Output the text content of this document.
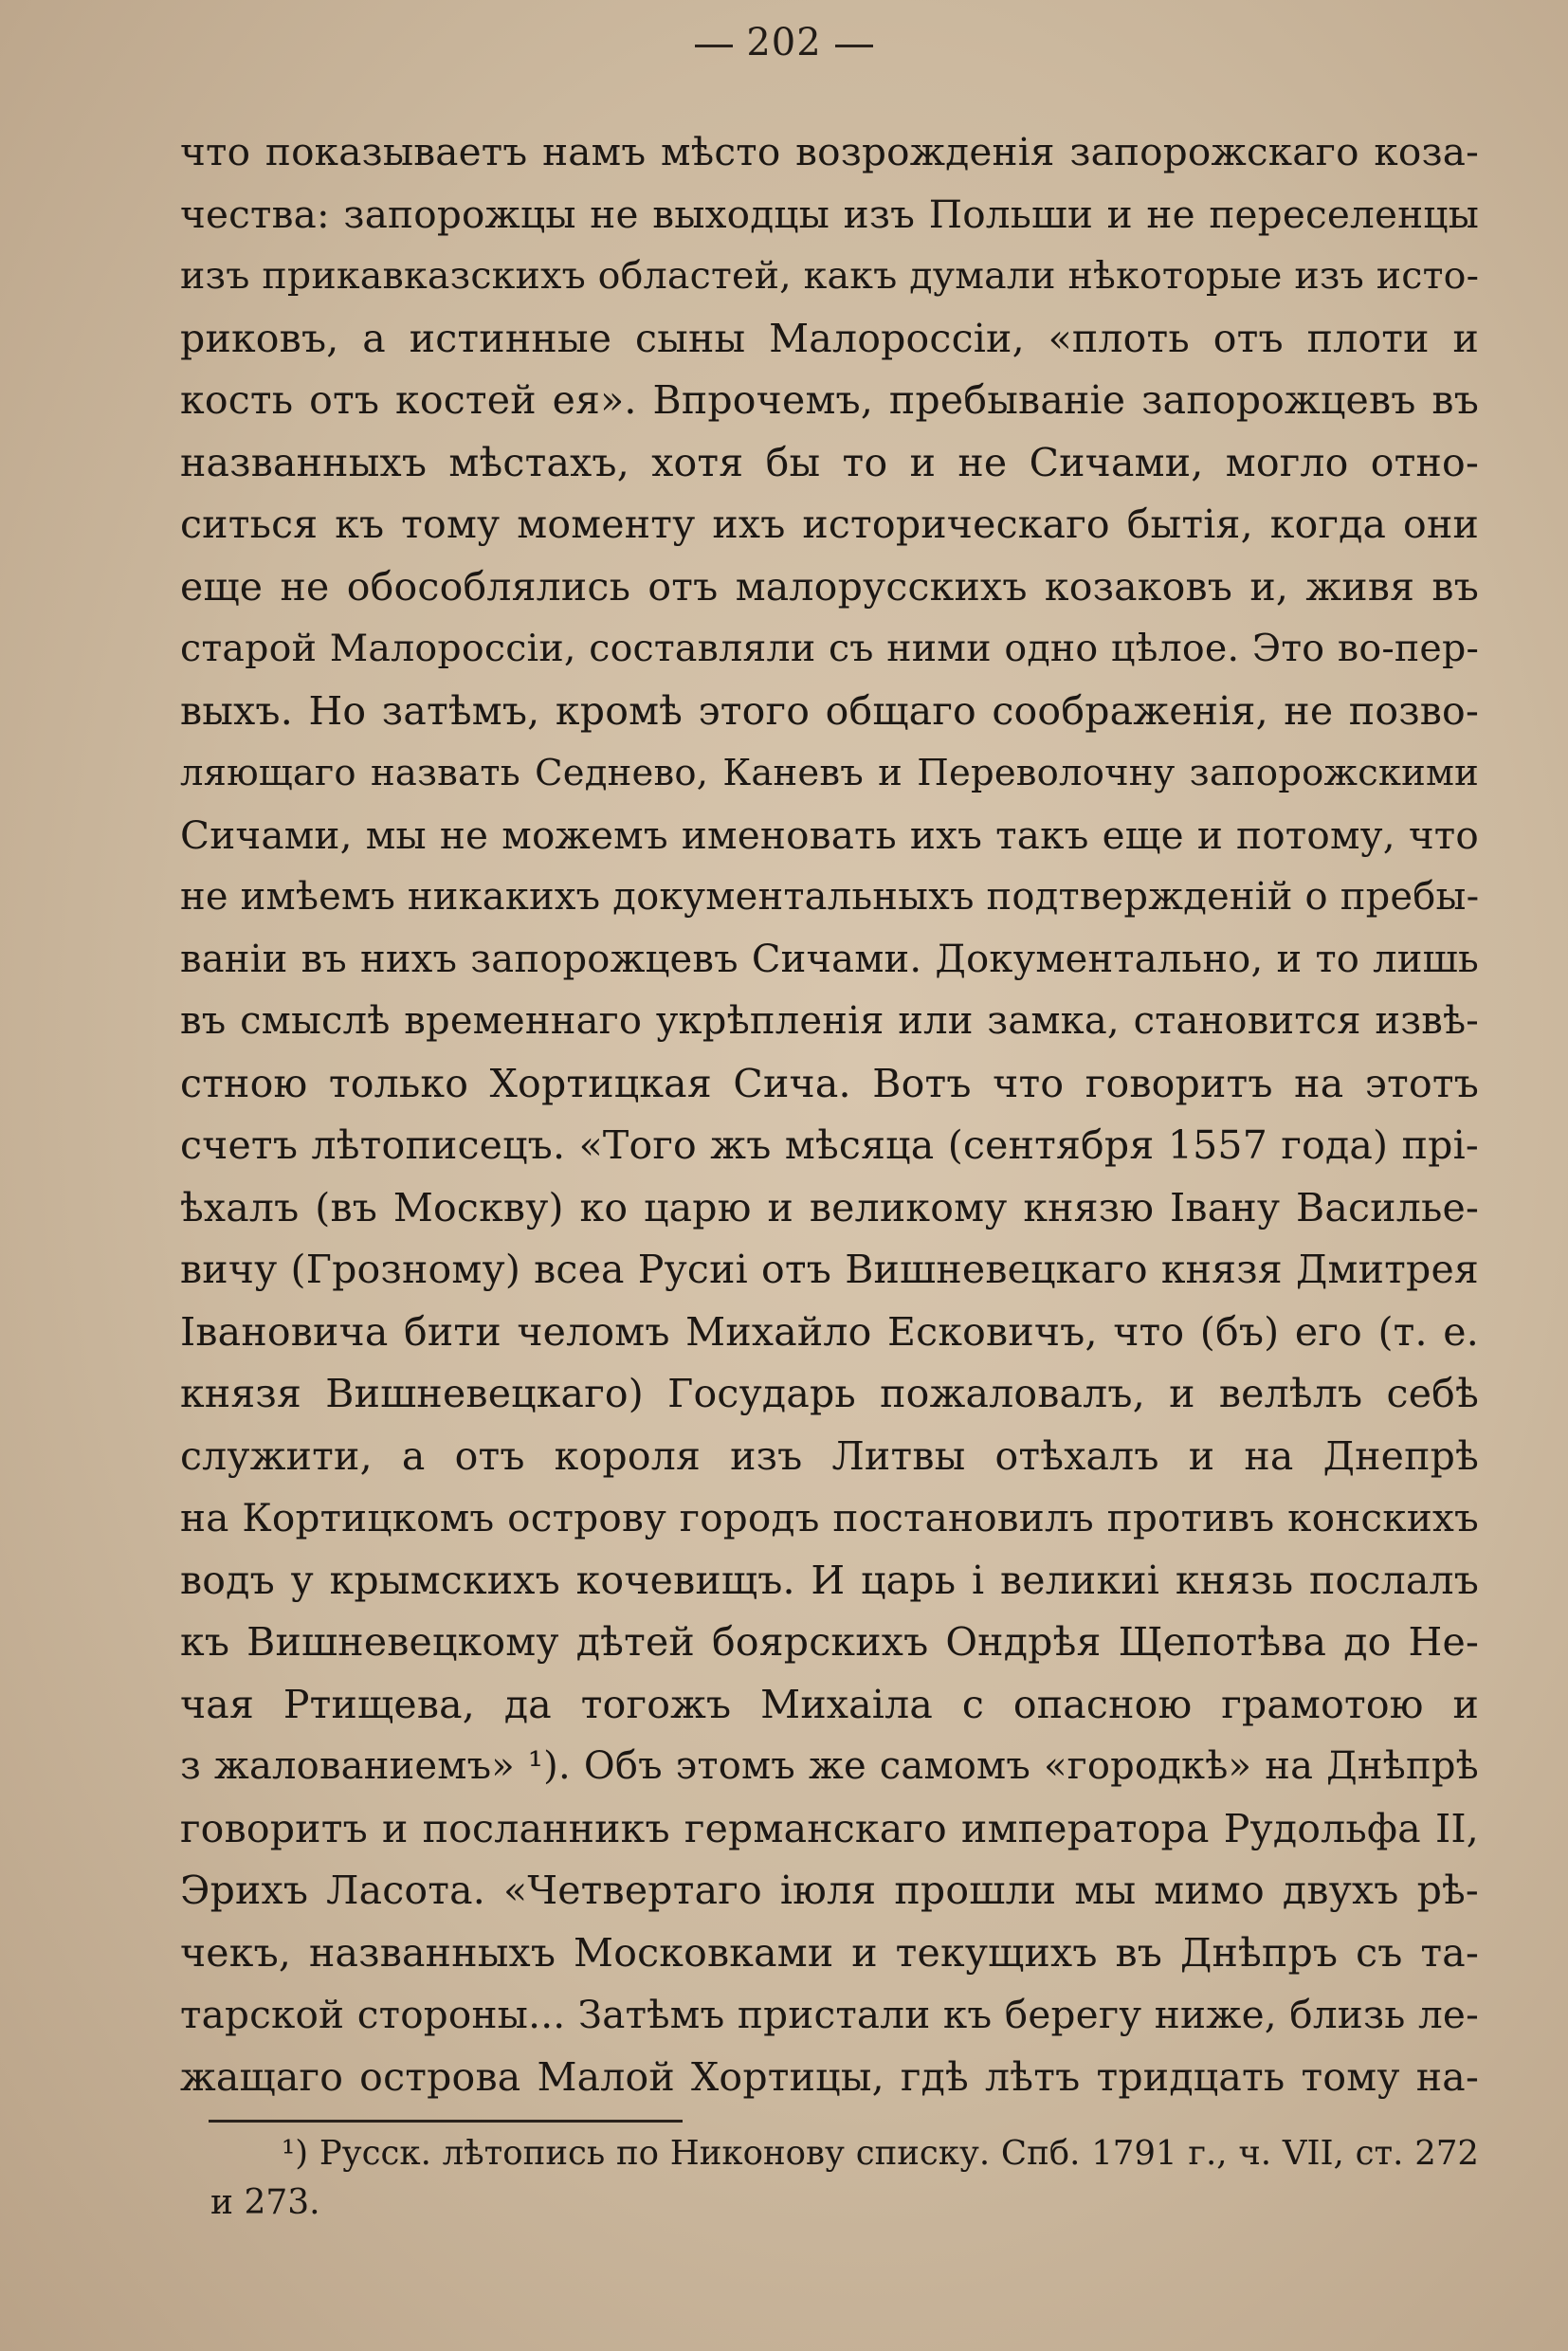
202
что показываетъ намъ мѣсто возрожденія запорожскаго коза-
чества: запорожцы не выходцы изъ Польши и не переселенцы
изъ прикавказскихъ областей, какъ думали нѣкоторые изъ исто-
риковъ, а истинные сыны Малороссіи, «плоть отъ плоти и
кость отъ костей ея». Впрочемъ, пребываніе запорожцевъ въ
названныхъ мѣстахъ, хотя бы то и не Сичами, могло отно-
ситься къ тому моменту ихъ историческаго бытія, когда они
еще не обособлялись отъ малорусскихъ козаковъ и, живя въ
старой Малороссіи, составляли съ ними одно цѣлое. Это во-пер-
выхъ. Но затѣмъ, кромѣ этого общаго соображенія, не позво-
ляющаго назвать Седнево, Каневъ и Переволочну запорожскими
Сичами, мы не можемъ именовать ихъ такъ еще и потому, что
не имѣемъ никакихъ документальныхъ подтвержденій о пребы-
ваніи въ нихъ запорожцевъ Сичами. Документально, и то лишь
въ смыслѣ временнаго укрѣпленія или замка, становится извѣ-
стною только Хортицкая Сича. Вотъ что говоритъ на этотъ
счетъ лѣтописецъ. «Того жъ мѣсяца (сентября 1557 года) прі-
ѣхалъ (въ Москву) ко царю и великому князю Івану Василье-
вичу (Грозному) всеа Русиі отъ Вишневецкаго князя Дмитрея
Івановича бити челомъ Михайло Есковичъ, что (бъ) его (т. е.
князя Вишневецкаго) Государь пожаловалъ, и велѣлъ себѣ
служити, а отъ короля изъ Литвы отѣхалъ и на Днепрѣ
на Кортицкомъ острову городъ постановилъ противъ конскихъ
водъ у крымскихъ кочевищъ. И царь і великиі князь послалъ
къ Вишневецкому дѣтей боярскихъ Ондрѣя Щепотѣва до Не-
чая Ртищева, да тогожъ Михаіла с опасною грамотою и
з жалованиемъ» ¹). Объ этомъ же самомъ «городкѣ» на Днѣпрѣ
говоритъ и посланникъ германскаго императора Рудольфа II,
Эрихъ Ласота. «Четвертаго іюля прошли мы мимо двухъ рѣ-
чекъ, названныхъ Московками и текущихъ въ Днѣпръ съ та-
тарской стороны... Затѣмъ пристали къ берегу ниже, близь ле-
жащаго острова Малой Хортицы, гдѣ лѣтъ тридцать тому на-
¹) Русск. лѣтопись по Никонову списку. Спб. 1791 г., ч. VII, ст. 272
и 273.
